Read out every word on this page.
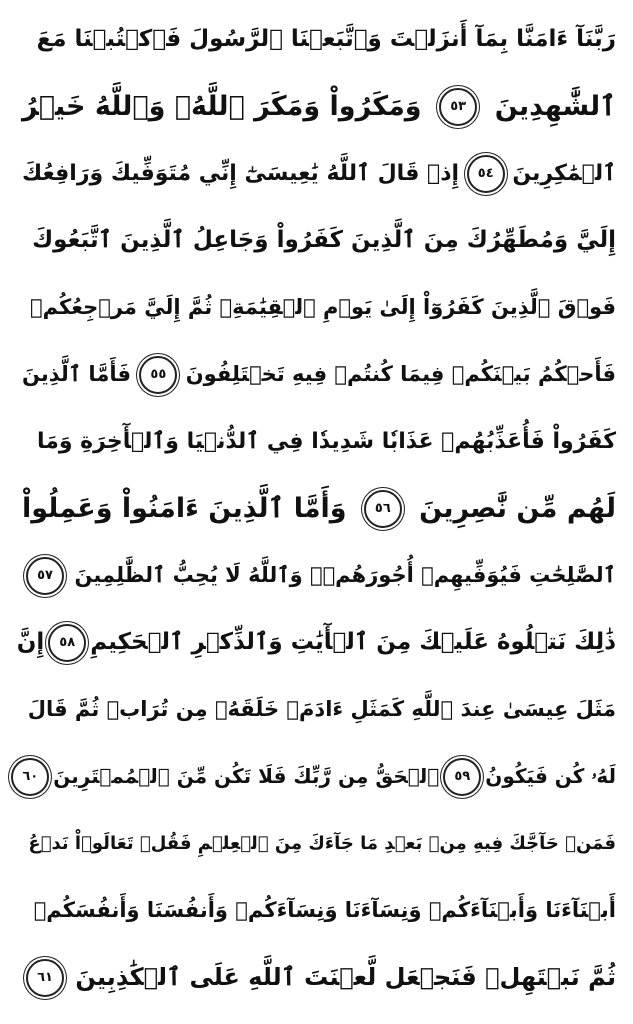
رَبَّنَآ ءَامَنَّا بِمَآ أَنزَلۡتَ وَٱتَّبَعۡنَا ٱلرَّسُولَ فَٱكۡتُبۡنَا مَعَ
ٱلشَّٰهِدِينَ
٥٣
وَمَكَرُواْ وَمَكَرَ ٱللَّهُۖ وَٱللَّهُ خَيۡرُ
ٱلۡمَٰكِرِينَ
٥٤
إِذۡ قَالَ ٱللَّهُ يَٰعِيسَىٰٓ إِنِّي مُتَوَفِّيكَ وَرَافِعُكَ
إِلَيَّ وَمُطَهِّرُكَ مِنَ ٱلَّذِينَ كَفَرُواْ وَجَاعِلُ ٱلَّذِينَ ٱتَّبَعُوكَ
فَوۡقَ ٱلَّذِينَ كَفَرُوٓاْ إِلَىٰ يَوۡمِ ٱلۡقِيَٰمَةِۖ ثُمَّ إِلَيَّ مَرۡجِعُكُمۡ
فَأَحۡكُمُ بَيۡنَكُمۡ فِيمَا كُنتُمۡ فِيهِ تَخۡتَلِفُونَ
٥٥
فَأَمَّا ٱلَّذِينَ
كَفَرُواْ فَأُعَذِّبُهُمۡ عَذَابٗا شَدِيدٗا فِي ٱلدُّنۡيَا وَٱلۡأٓخِرَةِ وَمَا
لَهُم مِّن نَّٰصِرِينَ
٥٦
وَأَمَّا ٱلَّذِينَ ءَامَنُواْ وَعَمِلُواْ
ٱلصَّٰلِحَٰتِ فَيُوَفِّيهِمۡ أُجُورَهُمۡۗ وَٱللَّهُ لَا يُحِبُّ ٱلظَّٰلِمِينَ
٥٧
ذَٰلِكَ نَتۡلُوهُ عَلَيۡكَ مِنَ ٱلۡأٓيَٰتِ وَٱلذِّكۡرِ ٱلۡحَكِيمِ
٥٨
إِنَّ
مَثَلَ عِيسَىٰ عِندَ ٱللَّهِ كَمَثَلِ ءَادَمَۖ خَلَقَهُۥ مِن تُرَابٖ ثُمَّ قَالَ
لَهُۥ كُن فَيَكُونُ
٥٩
ٱلۡحَقُّ مِن رَّبِّكَ فَلَا تَكُن مِّنَ ٱلۡمُمۡتَرِينَ
٦٠
فَمَنۡ حَآجَّكَ فِيهِ مِنۢ بَعۡدِ مَا جَآءَكَ مِنَ ٱلۡعِلۡمِ فَقُلۡ تَعَالَوۡاْ نَدۡعُ
أَبۡنَآءَنَا وَأَبۡنَآءَكُمۡ وَنِسَآءَنَا وَنِسَآءَكُمۡ وَأَنفُسَنَا وَأَنفُسَكُمۡ
ثُمَّ نَبۡتَهِلۡ فَنَجۡعَل لَّعۡنَتَ ٱللَّهِ عَلَى ٱلۡكَٰذِبِينَ
٦١
